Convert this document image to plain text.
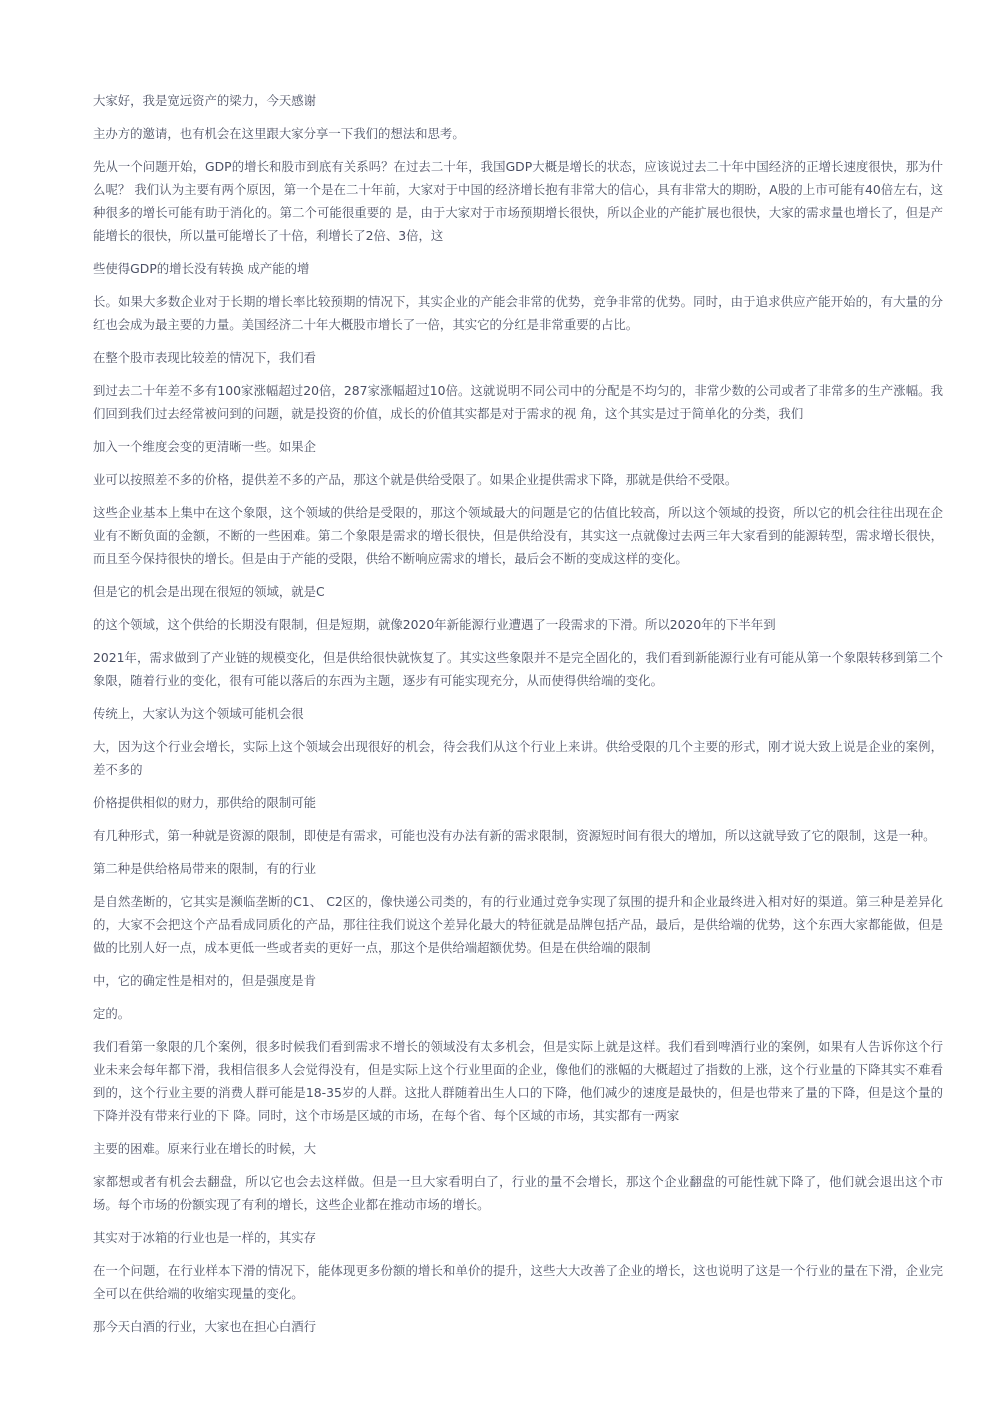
大家好，我是宽远资产的梁力，今天感谢

主办方的邀请，也有机会在这里跟大家分享一下我们的想法和思考。

先从一个问题开始，GDP的增长和股市到底有关系吗？在过去二十年，我国GDP大概是增长的状态，应该说过去二十年中国经济的正增长速度很快，那为什么呢？ 我们认为主要有两个原因，第一个是在二十年前，大家对于中国的经济增长抱有非常大的信心，具有非常大的期盼，A股的上市可能有40倍左右，这种很多的增长可能有助于消化的。第二个可能很重要的 是，由于大家对于市场预期增长很快，所以企业的产能扩展也很快，大家的需求量也增长了，但是产能增长的很快，所以量可能增长了十倍，利增长了2倍、3倍，这

些使得GDP的增长没有转换 成产能的增

长。如果大多数企业对于长期的增长率比较预期的情况下，其实企业的产能会非常的优势，竞争非常的优势。同时，由于追求供应产能开始的，有大量的分红也会成为最主要的力量。美国经济二十年大概股市增长了一倍，其实它的分红是非常重要的占比。

在整个股市表现比较差的情况下，我们看

到过去二十年差不多有100家涨幅超过20倍，287家涨幅超过10倍。这就说明不同公司中的分配是不均匀的，非常少数的公司或者了非常多的生产涨幅。我们回到我们过去经常被问到的问题，就是投资的价值，成长的价值其实都是对于需求的视 角，这个其实是过于简单化的分类，我们

加入一个维度会变的更清晰一些。如果企

业可以按照差不多的价格，提供差不多的产品，那这个就是供给受限了。如果企业提供需求下降，那就是供给不受限。

这些企业基本上集中在这个象限，这个领域的供给是受限的，那这个领域最大的问题是它的估值比较高，所以这个领域的投资，所以它的机会往往出现在企业有不断负面的金额，不断的一些困难。第二个象限是需求的增长很快，但是供给没有，其实这一点就像过去两三年大家看到的能源转型，需求增长很快，而且至今保持很快的增长。但是由于产能的受限，供给不断响应需求的增长，最后会不断的变成这样的变化。

但是它的机会是出现在很短的领域，就是C

的这个领域，这个供给的长期没有限制，但是短期，就像2020年新能源行业遭遇了一段需求的下滑。所以2020年的下半年到

2021年，需求做到了产业链的规模变化，但是供给很快就恢复了。其实这些象限并不是完全固化的，我们看到新能源行业有可能从第一个象限转移到第二个象限，随着行业的变化，很有可能以落后的东西为主题，逐步有可能实现充分，从而使得供给端的变化。

传统上，大家认为这个领域可能机会很

大，因为这个行业会增长，实际上这个领域会出现很好的机会，待会我们从这个行业上来讲。供给受限的几个主要的形式，刚才说大致上说是企业的案例，差不多的

价格提供相似的财力，那供给的限制可能

有几种形式，第一种就是资源的限制，即使是有需求，可能也没有办法有新的需求限制，资源短时间有很大的增加，所以这就导致了它的限制，这是一种。

第二种是供给格局带来的限制，有的行业

是自然垄断的，它其实是濒临垄断的C1、 C2区的，像快递公司类的，有的行业通过竞争实现了氛围的提升和企业最终进入相对好的渠道。第三种是差异化的，大家不会把这个产品看成同质化的产品，那往往我们说这个差异化最大的特征就是品牌包括产品，最后，是供给端的优势，这个东西大家都能做，但是做的比别人好一点，成本更低一些或者卖的更好一点，那这个是供给端超额优势。但是在供给端的限制

中，它的确定性是相对的，但是强度是肯

定的。

我们看第一象限的几个案例，很多时候我们看到需求不增长的领域没有太多机会，但是实际上就是这样。我们看到啤酒行业的案例，如果有人告诉你这个行业未来会每年都下滑，我相信很多人会觉得没有，但是实际上这个行业里面的企业，像他们的涨幅的大概超过了指数的上涨，这个行业量的下降其实不难看到的，这个行业主要的消费人群可能是18-35岁的人群。这批人群随着出生人口的下降，他们减少的速度是最快的，但是也带来了量的下降，但是这个量的下降并没有带来行业的下 降。同时，这个市场是区域的市场，在每个省、每个区域的市场，其实都有一两家

主要的困难。原来行业在增长的时候，大

家都想或者有机会去翻盘，所以它也会去这样做。但是一旦大家看明白了，行业的量不会增长，那这个企业翻盘的可能性就下降了，他们就会退出这个市场。每个市场的份额实现了有利的增长，这些企业都在推动市场的增长。

其实对于冰箱的行业也是一样的，其实存

在一个问题，在行业样本下滑的情况下，能体现更多份额的增长和单价的提升，这些大大改善了企业的增长，这也说明了这是一个行业的量在下滑，企业完全可以在供给端的收缩实现量的变化。

那今天白酒的行业，大家也在担心白酒行
